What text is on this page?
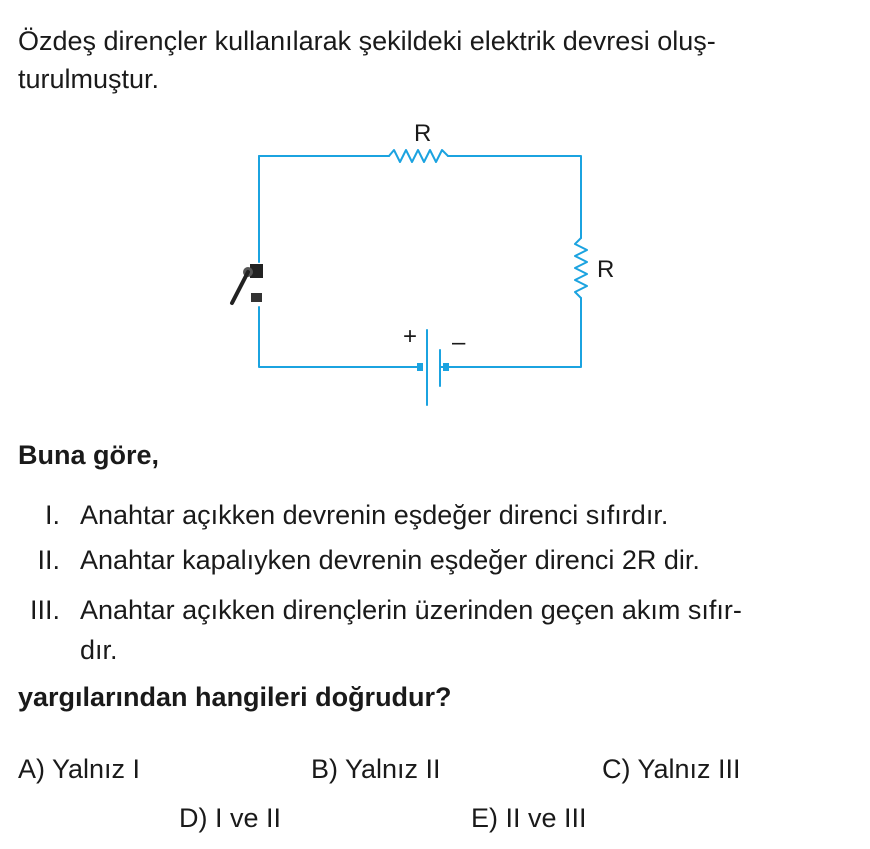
Özdeş dirençler kullanılarak şekildeki elektrik devresi oluş-
turulmuştur.
R
R
+ –

Buna göre,

I. Anahtar açıkken devrenin eşdeğer direnci sıfırdır.
II. Anahtar kapalıyken devrenin eşdeğer direnci 2R dir.
III. Anahtar açıkken dirençlerin üzerinden geçen akım sıfır-
dır.

yargılarından hangileri doğrudur?

A) Yalnız I	B) Yalnız II	C) Yalnız III
D) I ve II	E) II ve III
